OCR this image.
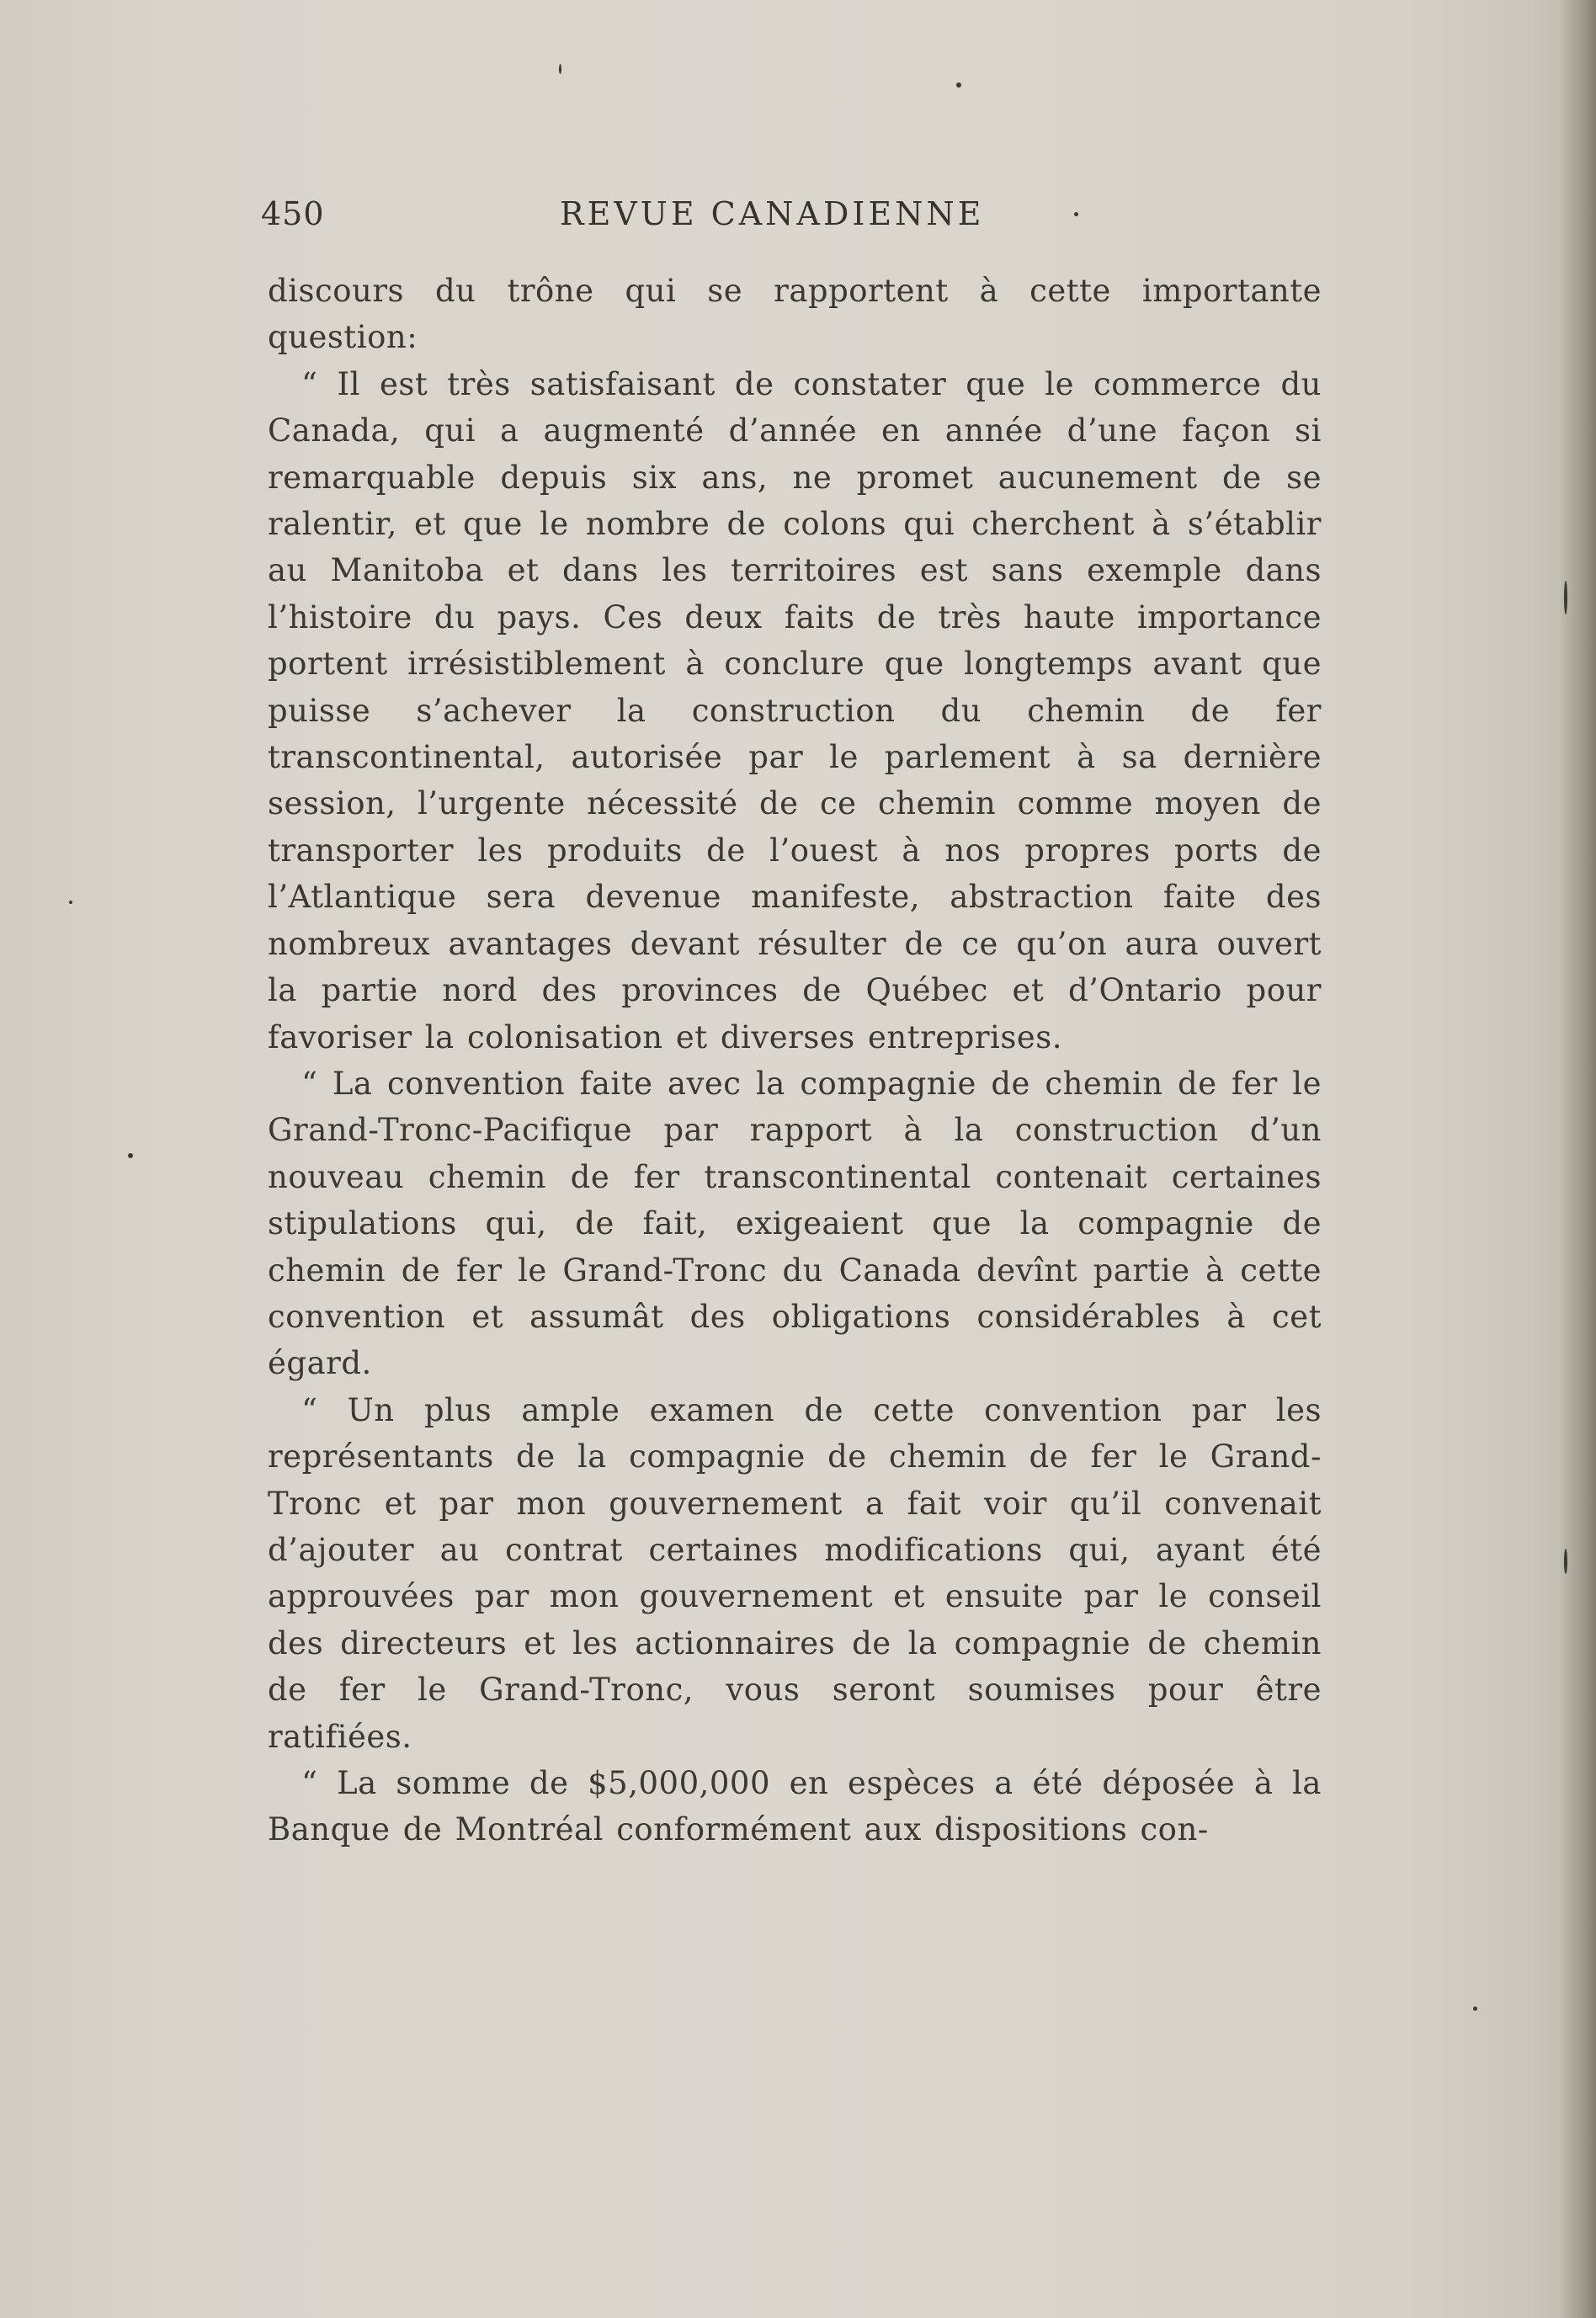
450	REVUE CANADIENNE

discours du trône qui se rapportent à cette importante question:

“ Il est très satisfaisant de constater que le commerce du Canada, qui a augmenté d’année en année d’une façon si remarquable depuis six ans, ne promet aucunement de se ralentir, et que le nombre de colons qui cherchent à s’établir au Manitoba et dans les territoires est sans exemple dans l’histoire du pays. Ces deux faits de très haute importance portent irrésistiblement à conclure que longtemps avant que puisse s’achever la construction du chemin de fer transcontinental, autorisée par le parlement à sa dernière session, l’urgente nécessité de ce chemin comme moyen de transporter les produits de l’ouest à nos propres ports de l’Atlantique sera devenue manifeste, abstraction faite des nombreux avantages devant résulter de ce qu’on aura ouvert la partie nord des provinces de Québec et d’Ontario pour favoriser la colonisation et diverses entreprises.

“ La convention faite avec la compagnie de chemin de fer le Grand-Tronc-Pacifique par rapport à la construction d’un nouveau chemin de fer transcontinental contenait certaines stipulations qui, de fait, exigeaient que la compagnie de chemin de fer le Grand-Tronc du Canada devînt partie à cette convention et assumât des obligations considérables à cet égard.

“ Un plus ample examen de cette convention par les représentants de la compagnie de chemin de fer le Grand-Tronc et par mon gouvernement a fait voir qu’il convenait d’ajouter au contrat certaines modifications qui, ayant été approuvées par mon gouvernement et ensuite par le conseil des directeurs et les actionnaires de la compagnie de chemin de fer le Grand-Tronc, vous seront soumises pour être ratifiées.

“ La somme de $5,000,000 en espèces a été déposée à la Banque de Montréal conformément aux dispositions con-
